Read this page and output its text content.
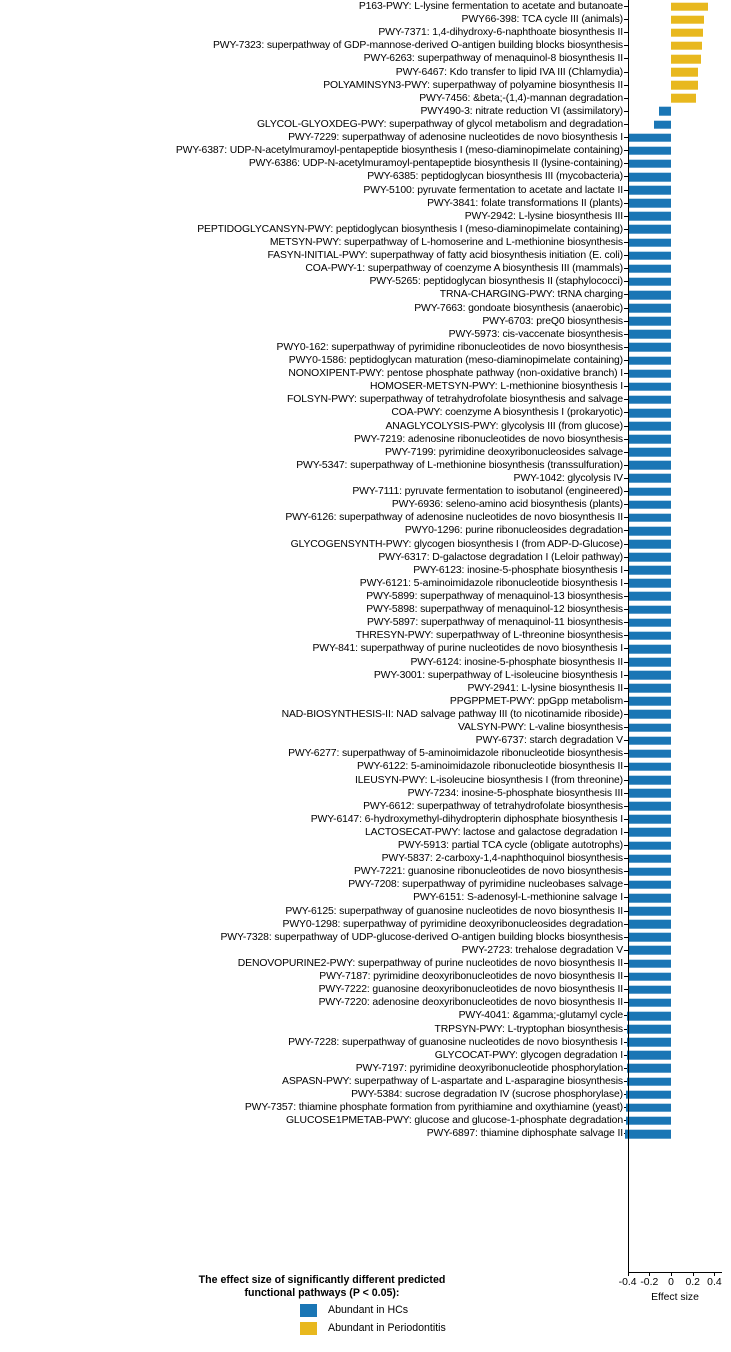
P163-PWY: L-lysine fermentation to acetate and butanoate
PWY66-398: TCA cycle III (animals)
PWY-7371: 1,4-dihydroxy-6-naphthoate biosynthesis II
PWY-7323: superpathway of GDP-mannose-derived O-antigen building blocks biosynthesis
PWY-6263: superpathway of menaquinol-8 biosynthesis II
PWY-6467: Kdo transfer to lipid IVA III (Chlamydia)
POLYAMINSYN3-PWY: superpathway of polyamine biosynthesis II
PWY-7456: &beta;-(1,4)-mannan degradation
PWY490-3: nitrate reduction VI (assimilatory)
GLYCOL-GLYOXDEG-PWY: superpathway of glycol metabolism and degradation
PWY-7229: superpathway of adenosine nucleotides de novo biosynthesis I
PWY-6387: UDP-N-acetylmuramoyl-pentapeptide biosynthesis I (meso-diaminopimelate containing)
PWY-6386: UDP-N-acetylmuramoyl-pentapeptide biosynthesis II (lysine-containing)
PWY-6385: peptidoglycan biosynthesis III (mycobacteria)
PWY-5100: pyruvate fermentation to acetate and lactate II
PWY-3841: folate transformations II (plants)
PWY-2942: L-lysine biosynthesis III
PEPTIDOGLYCANSYN-PWY: peptidoglycan biosynthesis I (meso-diaminopimelate containing)
METSYN-PWY: superpathway of L-homoserine and L-methionine biosynthesis
FASYN-INITIAL-PWY: superpathway of fatty acid biosynthesis initiation (E. coli)
COA-PWY-1: superpathway of coenzyme A biosynthesis III (mammals)
PWY-5265: peptidoglycan biosynthesis II (staphylococci)
TRNA-CHARGING-PWY: tRNA charging
PWY-7663: gondoate biosynthesis (anaerobic)
PWY-6703: preQ0 biosynthesis
PWY-5973: cis-vaccenate biosynthesis
PWY0-162: superpathway of pyrimidine ribonucleotides de novo biosynthesis
PWY0-1586: peptidoglycan maturation (meso-diaminopimelate containing)
NONOXIPENT-PWY: pentose phosphate pathway (non-oxidative branch) I
HOMOSER-METSYN-PWY: L-methionine biosynthesis I
FOLSYN-PWY: superpathway of tetrahydrofolate biosynthesis and salvage
COA-PWY: coenzyme A biosynthesis I (prokaryotic)
ANAGLYCOLYSIS-PWY: glycolysis III (from glucose)
PWY-7219: adenosine ribonucleotides de novo biosynthesis
PWY-7199: pyrimidine deoxyribonucleosides salvage
PWY-5347: superpathway of L-methionine biosynthesis (transsulfuration)
PWY-1042: glycolysis IV
PWY-7111: pyruvate fermentation to isobutanol (engineered)
PWY-6936: seleno-amino acid biosynthesis (plants)
PWY-6126: superpathway of adenosine nucleotides de novo biosynthesis II
PWY0-1296: purine ribonucleosides degradation
GLYCOGENSYNTH-PWY: glycogen biosynthesis I (from ADP-D-Glucose)
PWY-6317: D-galactose degradation I (Leloir pathway)
PWY-6123: inosine-5-phosphate biosynthesis I
PWY-6121: 5-aminoimidazole ribonucleotide biosynthesis I
PWY-5899: superpathway of menaquinol-13 biosynthesis
PWY-5898: superpathway of menaquinol-12 biosynthesis
PWY-5897: superpathway of menaquinol-11 biosynthesis
THRESYN-PWY: superpathway of L-threonine biosynthesis
PWY-841: superpathway of purine nucleotides de novo biosynthesis I
PWY-6124: inosine-5-phosphate biosynthesis II
PWY-3001: superpathway of L-isoleucine biosynthesis I
PWY-2941: L-lysine biosynthesis II
PPGPPMET-PWY: ppGpp metabolism
NAD-BIOSYNTHESIS-II: NAD salvage pathway III (to nicotinamide riboside)
VALSYN-PWY: L-valine biosynthesis
PWY-6737: starch degradation V
PWY-6277: superpathway of 5-aminoimidazole ribonucleotide biosynthesis
PWY-6122: 5-aminoimidazole ribonucleotide biosynthesis II
ILEUSYN-PWY: L-isoleucine biosynthesis I (from threonine)
PWY-7234: inosine-5-phosphate biosynthesis III
PWY-6612: superpathway of tetrahydrofolate biosynthesis
PWY-6147: 6-hydroxymethyl-dihydropterin diphosphate biosynthesis I
LACTOSECAT-PWY: lactose and galactose degradation I
PWY-5913: partial TCA cycle (obligate autotrophs)
PWY-5837: 2-carboxy-1,4-naphthoquinol biosynthesis
PWY-7221: guanosine ribonucleotides de novo biosynthesis
PWY-7208: superpathway of pyrimidine nucleobases salvage
PWY-6151: S-adenosyl-L-methionine salvage I
PWY-6125: superpathway of guanosine nucleotides de novo biosynthesis II
PWY0-1298: superpathway of pyrimidine deoxyribonucleosides degradation
PWY-7328: superpathway of UDP-glucose-derived O-antigen building blocks biosynthesis
PWY-2723: trehalose degradation V
DENOVOPURINE2-PWY: superpathway of purine nucleotides de novo biosynthesis II
PWY-7187: pyrimidine deoxyribonucleotides de novo biosynthesis II
PWY-7222: guanosine deoxyribonucleotides de novo biosynthesis II
PWY-7220: adenosine deoxyribonucleotides de novo biosynthesis II
PWY-4041: &gamma;-glutamyl cycle
TRPSYN-PWY: L-tryptophan biosynthesis
PWY-7228: superpathway of guanosine nucleotides de novo biosynthesis I
GLYCOCAT-PWY: glycogen degradation I
PWY-7197: pyrimidine deoxyribonucleotide phosphorylation
ASPASN-PWY: superpathway of L-aspartate and L-asparagine biosynthesis
PWY-5384: sucrose degradation IV (sucrose phosphorylase)
PWY-7357: thiamine phosphate formation from pyrithiamine and oxythiamine (yeast)
GLUCOSE1PMETAB-PWY: glucose and glucose-1-phosphate degradation
PWY-6897: thiamine diphosphate salvage II
-0.4 -0.2 0 0.2 0.4
Effect size
The effect size of significantly different predicted
functional pathways (P < 0.05):
Abundant in HCs
Abundant in Periodontitis
